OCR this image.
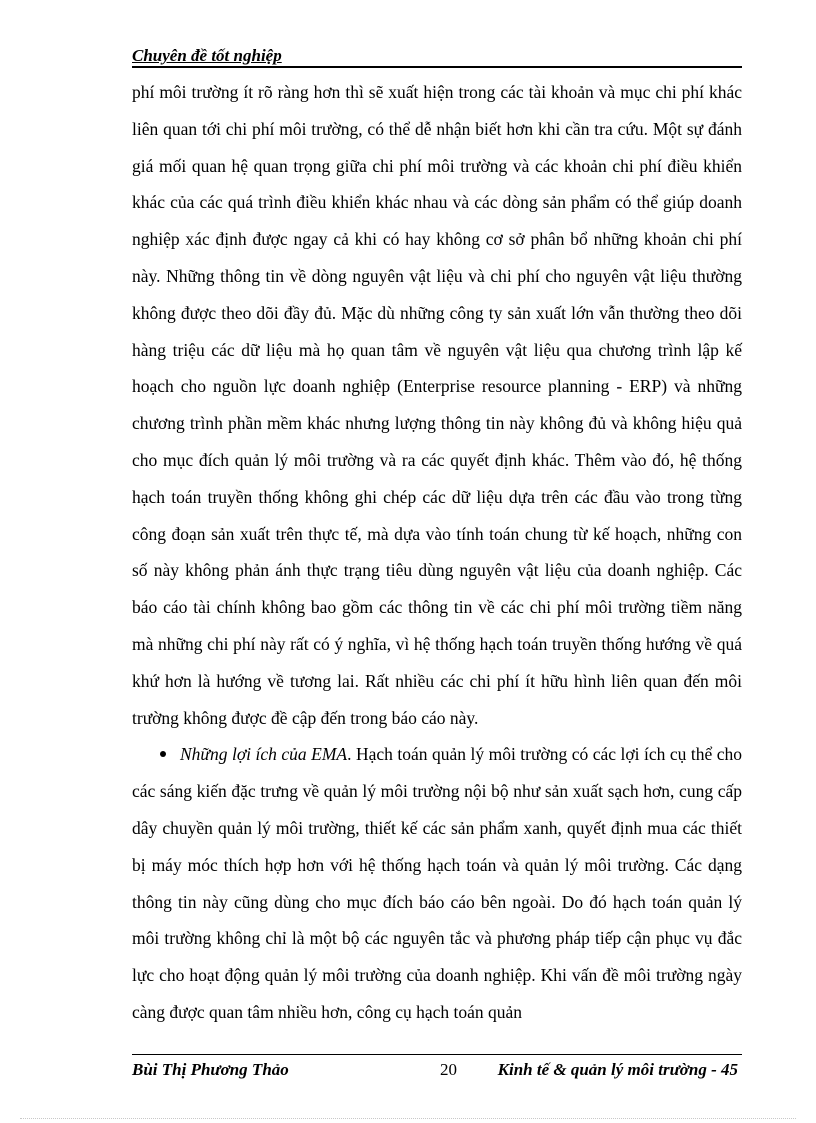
Chuyên đề tốt nghiệp

phí môi trường ít rõ ràng hơn thì sẽ xuất hiện trong các tài khoản và mục chi phí khác liên quan tới chi phí môi trường, có thể dễ nhận biết hơn khi cần tra cứu. Một sự đánh giá mối quan hệ quan trọng giữa chi phí môi trường và các khoản chi phí điều khiển khác của các quá trình điều khiển khác nhau và các dòng sản phẩm có thể giúp doanh nghiệp xác định được ngay cả khi có hay không cơ sở phân bổ những khoản chi phí này. Những thông tin về dòng nguyên vật liệu và chi phí cho nguyên vật liệu thường không được theo dõi đầy đủ. Mặc dù những công ty sản xuất lớn vẫn thường theo dõi hàng triệu các dữ liệu mà họ quan tâm về nguyên vật liệu qua chương trình lập kế hoạch cho nguồn lực doanh nghiệp (Enterprise resource planning - ERP) và những chương trình phần mềm khác nhưng lượng thông tin này không đủ và không hiệu quả cho mục đích quản lý môi trường và ra các quyết định khác. Thêm vào đó, hệ thống hạch toán truyền thống không ghi chép các dữ liệu dựa trên các đầu vào trong từng công đoạn sản xuất trên thực tế, mà dựa vào tính toán chung từ kế hoạch, những con số này không phản ánh thực trạng tiêu dùng nguyên vật liệu của doanh nghiệp. Các báo cáo tài chính không bao gồm các thông tin về các chi phí môi trường tiềm năng mà những chi phí này rất có ý nghĩa, vì hệ thống hạch toán truyền thống hướng về quá khứ hơn là hướng về tương lai. Rất nhiều các chi phí ít hữu hình liên quan đến môi trường không được đề cập đến trong báo cáo này.

Những lợi ích của EMA. Hạch toán quản lý môi trường có các lợi ích cụ thể cho các sáng kiến đặc trưng về quản lý môi trường nội bộ như sản xuất sạch hơn, cung cấp dây chuyền quản lý môi trường, thiết kế các sản phẩm xanh, quyết định mua các thiết bị máy móc thích hợp hơn với hệ thống hạch toán và quản lý môi trường. Các dạng thông tin này cũng dùng cho mục đích báo cáo bên ngoài. Do đó hạch toán quản lý môi trường không chỉ là một bộ các nguyên tắc và phương pháp tiếp cận phục vụ đắc lực cho hoạt động quản lý môi trường của doanh nghiệp. Khi vấn đề môi trường ngày càng được quan tâm nhiều hơn, công cụ hạch toán quản

Bùi Thị Phương Thảo	20 Kinh tế & quản lý môi trường - 45
